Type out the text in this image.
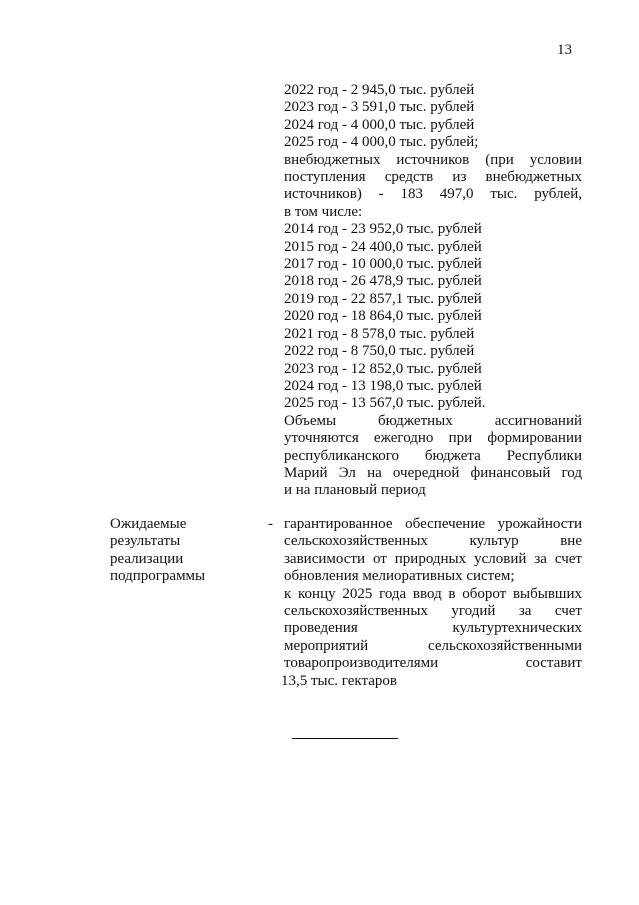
13
2022 год - 2 945,0 тыс. рублей
2023 год - 3 591,0 тыс. рублей
2024 год - 4 000,0 тыс. рублей
2025 год - 4 000,0 тыс. рублей;
внебюджетных источников (при условии
поступления средств из внебюджетных
источников) - 183 497,0 тыс. рублей,
в том числе:
2014 год - 23 952,0 тыс. рублей
2015 год - 24 400,0 тыс. рублей
2017 год - 10 000,0 тыс. рублей
2018 год - 26 478,9 тыс. рублей
2019 год - 22 857,1 тыс. рублей
2020 год - 18 864,0 тыс. рублей
2021 год - 8 578,0 тыс. рублей
2022 год - 8 750,0 тыс. рублей
2023 год - 12 852,0 тыс. рублей
2024 год - 13 198,0 тыс. рублей
2025 год - 13 567,0 тыс. рублей.
Объемы бюджетных ассигнований
уточняются ежегодно при формировании
республиканского бюджета Республики
Марий Эл на очередной финансовый год
и на плановый период
Ожидаемые
результаты
реализации
подпрограммы
- гарантированное обеспечение урожайности
сельскохозяйственных культур вне
зависимости от природных условий за счет
обновления мелиоративных систем;
к концу 2025 года ввод в оборот выбывших
сельскохозяйственных угодий за счет
проведения культуртехнических
мероприятий сельскохозяйственными
товаропроизводителями составит
13,5 тыс. гектаров
